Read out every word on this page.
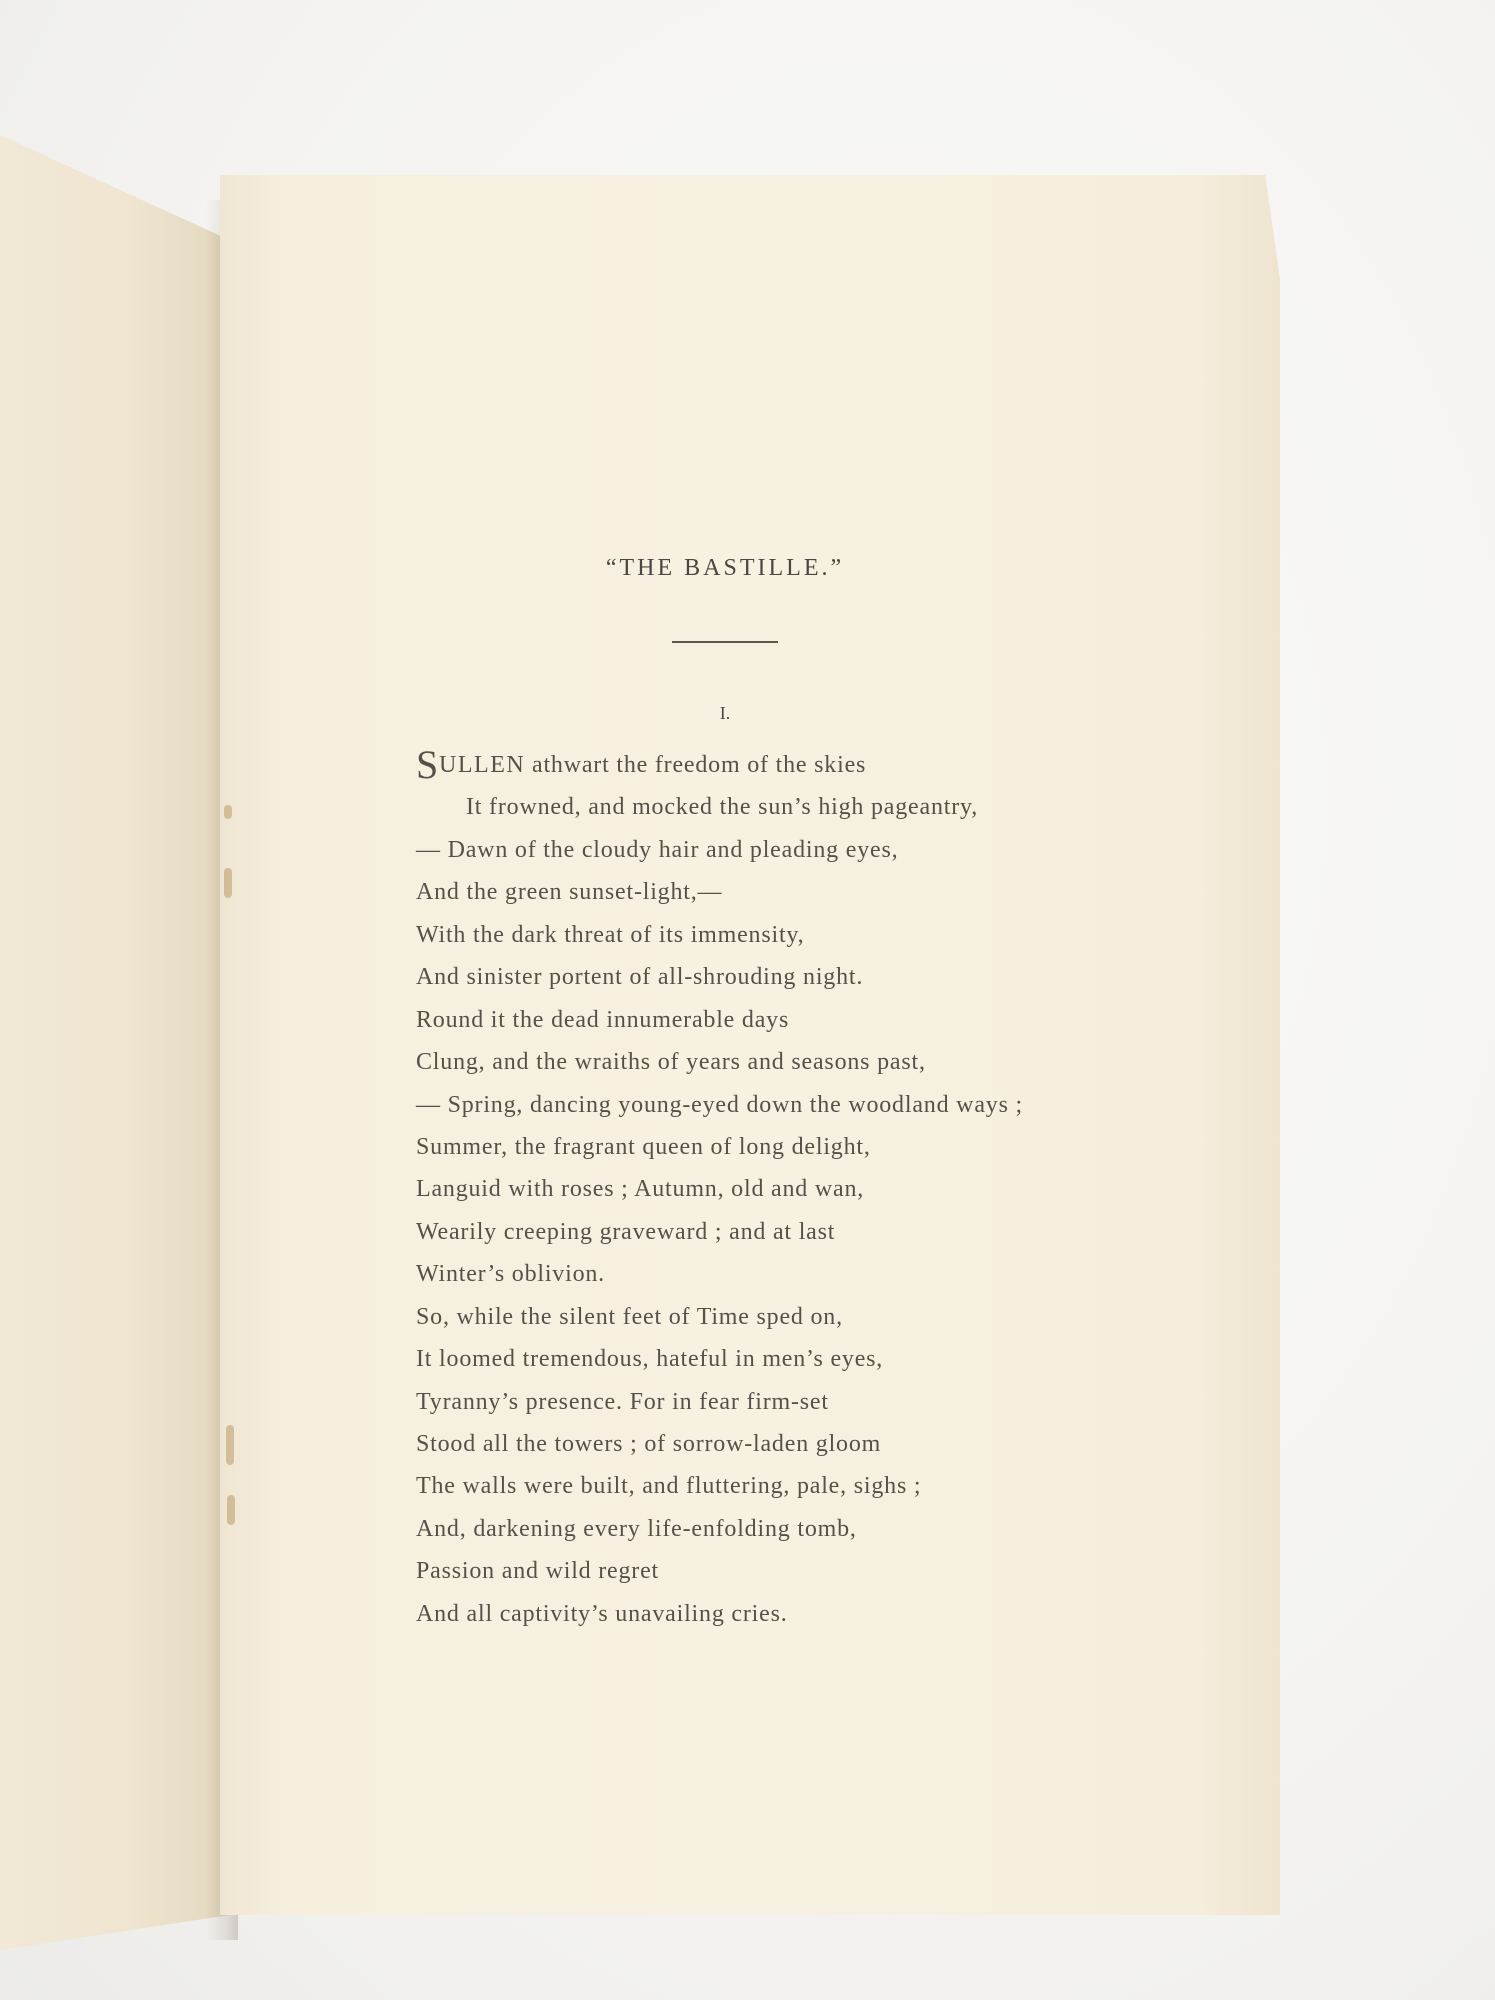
“THE BASTILLE.”
I.
SULLEN athwart the freedom of the skies
It frowned, and mocked the sun’s high pageantry,
— Dawn of the cloudy hair and pleading eyes,
And the green sunset-light,—
With the dark threat of its immensity,
And sinister portent of all-shrouding night.
Round it the dead innumerable days
Clung, and the wraiths of years and seasons past,
— Spring, dancing young-eyed down the woodland ways ;
Summer, the fragrant queen of long delight,
Languid with roses ; Autumn, old and wan,
Wearily creeping graveward ; and at last
Winter’s oblivion.
So, while the silent feet of Time sped on,
It loomed tremendous, hateful in men’s eyes,
Tyranny’s presence. For in fear firm-set
Stood all the towers ; of sorrow-laden gloom
The walls were built, and fluttering, pale, sighs ;
And, darkening every life-enfolding tomb,
Passion and wild regret
And all captivity’s unavailing cries.
